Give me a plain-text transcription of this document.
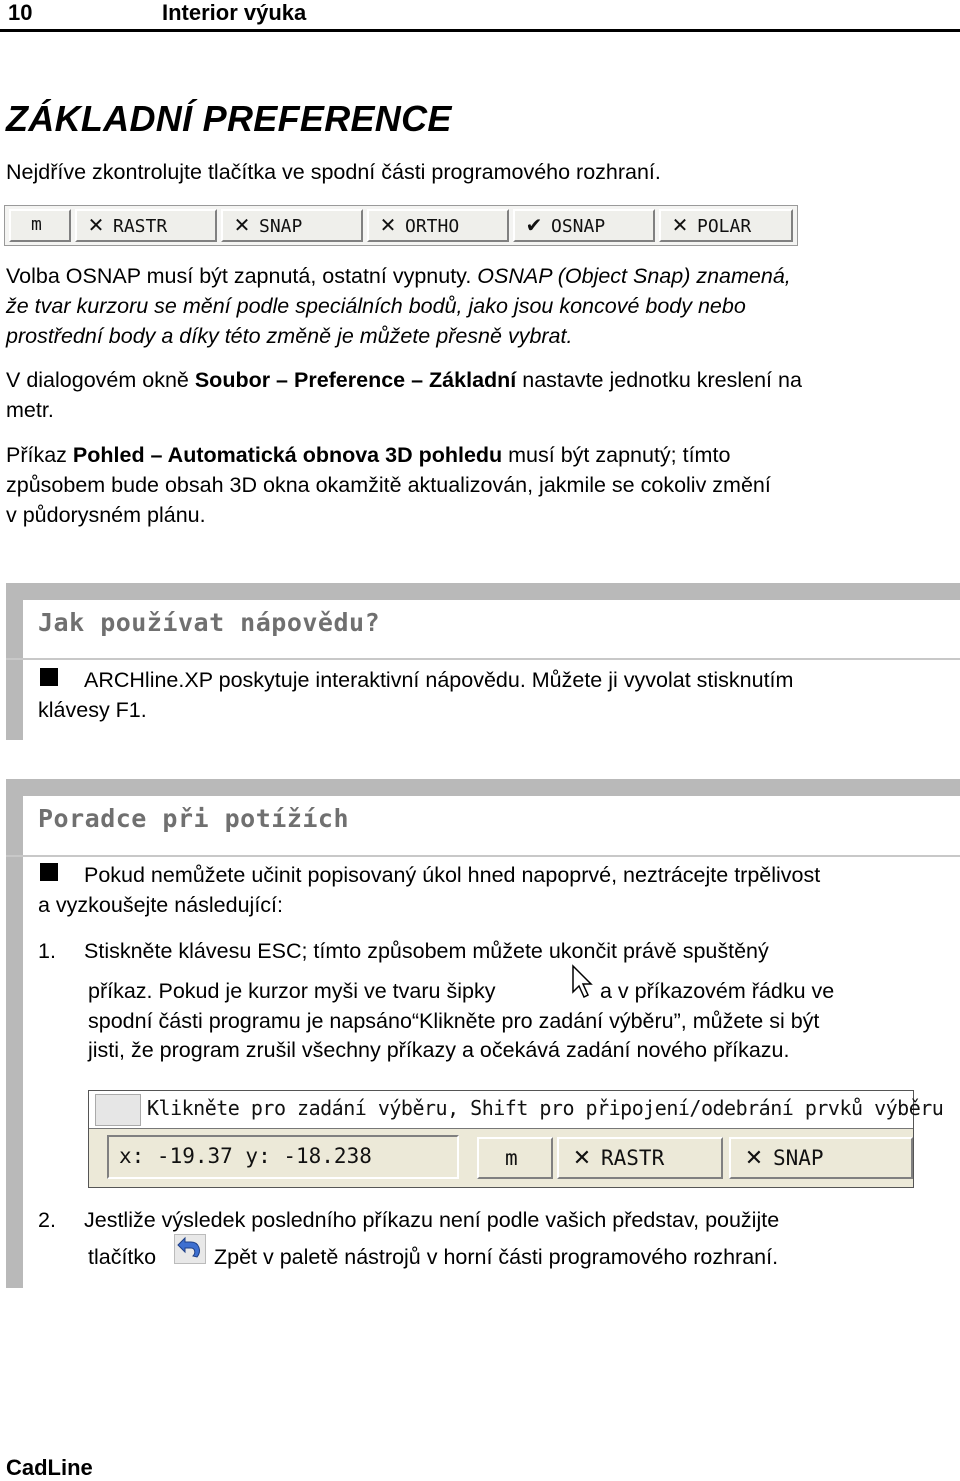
10	Interior výuka
ZÁKLADNÍ PREFERENCE
Nejdříve zkontrolujte tlačítka ve spodní části programového rozhraní.
m	✕ RASTR	✕ SNAP	✕ ORTHO	✔ OSNAP	✕ POLAR
Volba OSNAP musí být zapnutá, ostatní vypnuty. OSNAP (Object Snap) znamená,
že tvar kurzoru se mění podle speciálních bodů, jako jsou koncové body nebo
prostřední body a díky této změně je můžete přesně vybrat.
V dialogovém okně Soubor – Preference – Základní nastavte jednotku kreslení na
metr.
Příkaz Pohled – Automatická obnova 3D pohledu musí být zapnutý; tímto
způsobem bude obsah 3D okna okamžitě aktualizován, jakmile se cokoliv změní
v půdorysném plánu.
Jak používat nápovědu?
ARCHline.XP poskytuje interaktivní nápovědu. Můžete ji vyvolat stisknutím
klávesy F1.
Poradce při potížích
Pokud nemůžete učinit popisovaný úkol hned napoprvé, neztrácejte trpělivost
a vyzkoušejte následující:
1. Stiskněte klávesu ESC; tímto způsobem můžete ukončit právě spuštěný
příkaz. Pokud je kurzor myši ve tvaru šipky	a v příkazovém řádku ve
spodní části programu je napsáno“Klikněte pro zadání výběru”, můžete si být
jisti, že program zrušil všechny příkazy a očekává zadání nového příkazu.
Klikněte pro zadání výběru, Shift pro připojení/odebrání prvků výběru
x: -19.37 y: -18.238	m	✕ RASTR	✕ SNAP
2. Jestliže výsledek posledního příkazu není podle vašich představ, použijte
tlačítko	Zpět v paletě nástrojů v horní části programového rozhraní.
CadLine
